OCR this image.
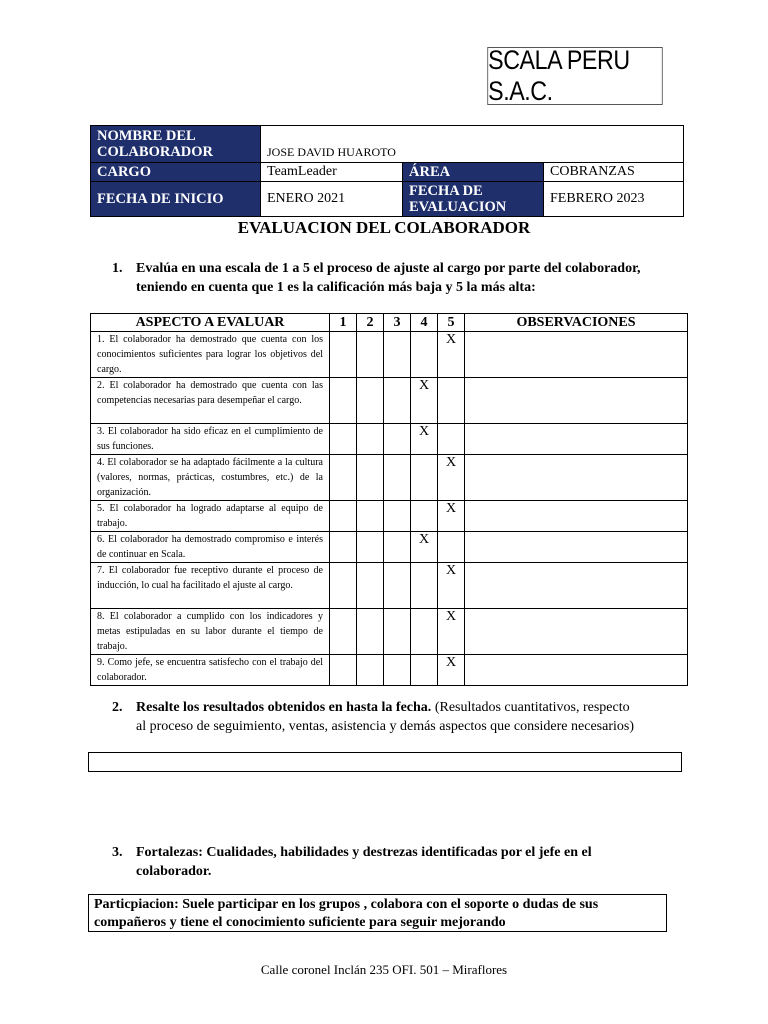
SCALA PERU S.A.C.
NOMBRE DEL COLABORADOR	JOSE DAVID HUAROTO		
CARGO	TeamLeader	ÁREA	COBRANZAS
FECHA DE INICIO	ENERO 2021	FECHA DE EVALUACION	FEBRERO 2023
EVALUACION DEL COLABORADOR
1. Evalúa en una escala de 1 a 5 el proceso de ajuste al cargo por parte del colaborador,
teniendo en cuenta que 1 es la calificación más baja y 5 la más alta:
ASPECTO A EVALUAR	1	2	3	4	5	OBSERVACIONES
1. El colaborador ha demostrado que cuenta con los conocimientos suficientes para lograr los objetivos del cargo.					X	
2. El colaborador ha demostrado que cuenta con las competencias necesarias para desempeñar el cargo.				X		
3. El colaborador ha sido eficaz en el cumplimiento de sus funciones.				X		
4. El colaborador se ha adaptado fácilmente a la cultura (valores, normas, prácticas, costumbres, etc.) de la organización.					X	
5. El colaborador ha logrado adaptarse al equipo de trabajo.					X	
6. El colaborador ha demostrado compromiso e interés de continuar en Scala.				X		
7. El colaborador fue receptivo durante el proceso de inducción, lo cual ha facilitado el ajuste al cargo.					X	
8. El colaborador a cumplido con los indicadores y metas estipuladas en su labor durante el tiempo de trabajo.					X	
9. Como jefe, se encuentra satisfecho con el trabajo del colaborador.					X	
2. Resalte los resultados obtenidos en hasta la fecha. (Resultados cuantitativos, respecto
al proceso de seguimiento, ventas, asistencia y demás aspectos que considere necesarios)
3. Fortalezas: Cualidades, habilidades y destrezas identificadas por el jefe en el
colaborador.
Particpiacion: Suele participar en los grupos , colabora con el soporte o dudas de sus
compañeros y tiene el conocimiento suficiente para seguir mejorando
Calle coronel Inclán 235 OFI. 501 – Miraflores
